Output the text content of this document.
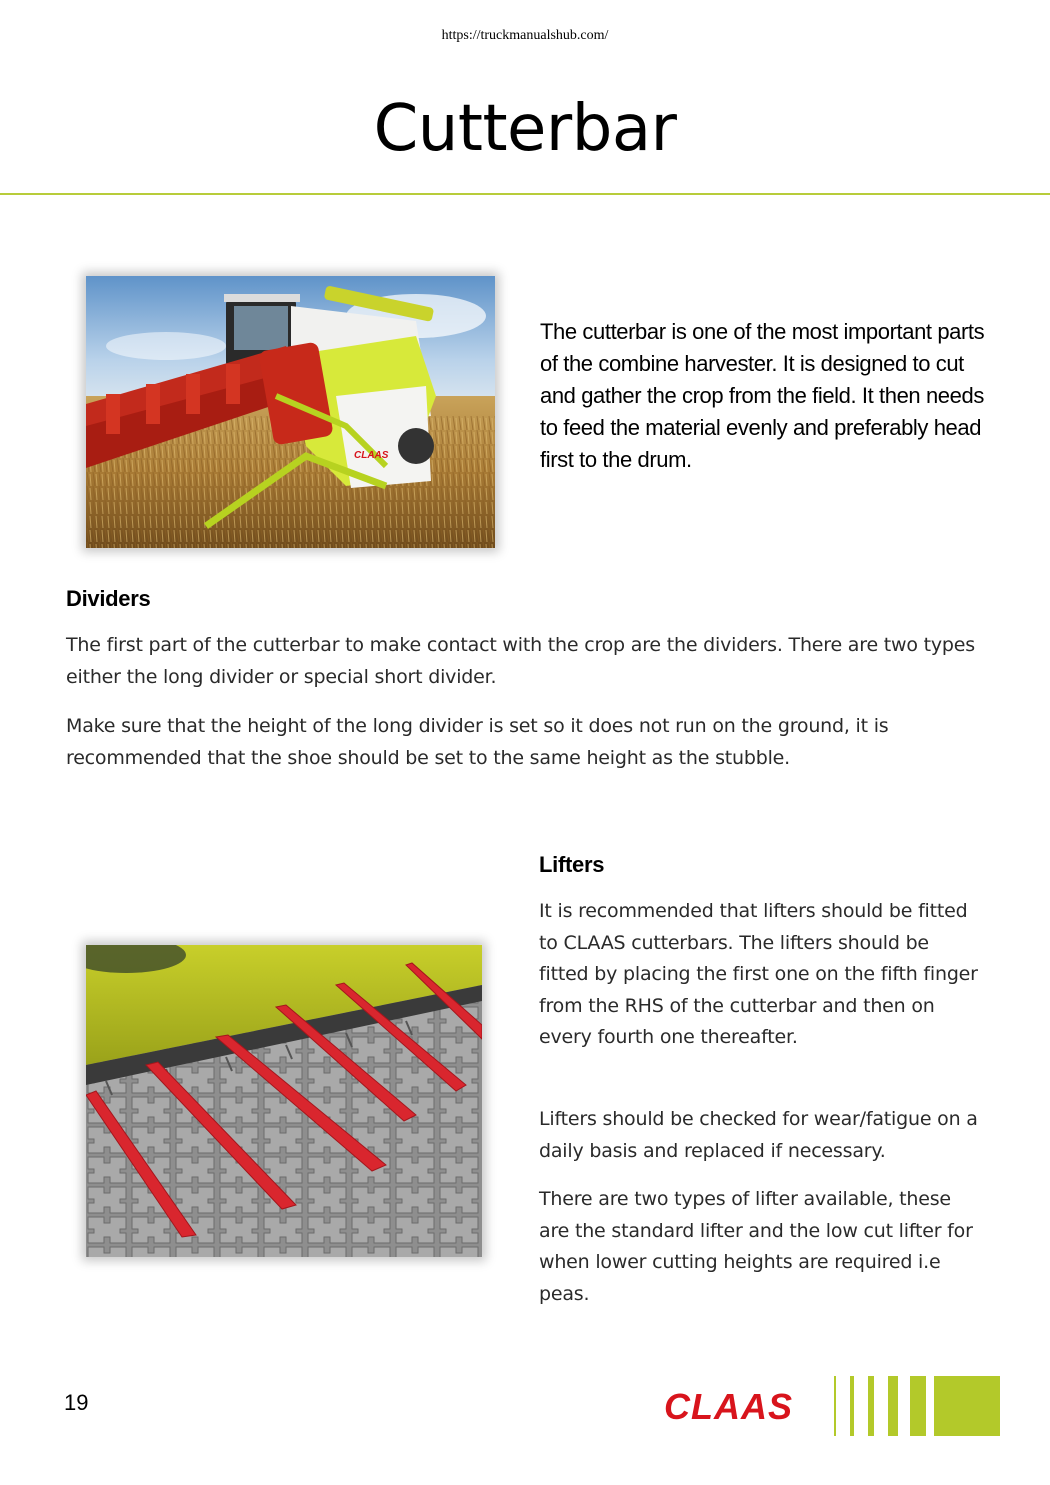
https://truckmanualshub.com/
Cutterbar
CLAAS

The cutterbar is one of the most important parts of the combine harvester. It is designed to cut and gather the crop from the field. It then needs to feed the material evenly and preferably head first to the drum.

Dividers

The first part of the cutterbar to make contact with the crop are the dividers. There are two types either the long divider or special short divider.

Make sure that the height of the long divider is set so it does not run on the ground, it is recommended that the shoe should be set to the same height as the stubble.

Lifters

It is recommended that lifters should be fitted to CLAAS cutterbars. The lifters should be fitted by placing the first one on the fifth finger from the RHS of the cutterbar and then on every fourth one thereafter.

Lifters should be checked for wear/fatigue on a daily basis and replaced if necessary.

There are two types of lifter available, these are the standard lifter and the low cut lifter for when lower cutting heights are required i.e peas.

19	CLAAS
